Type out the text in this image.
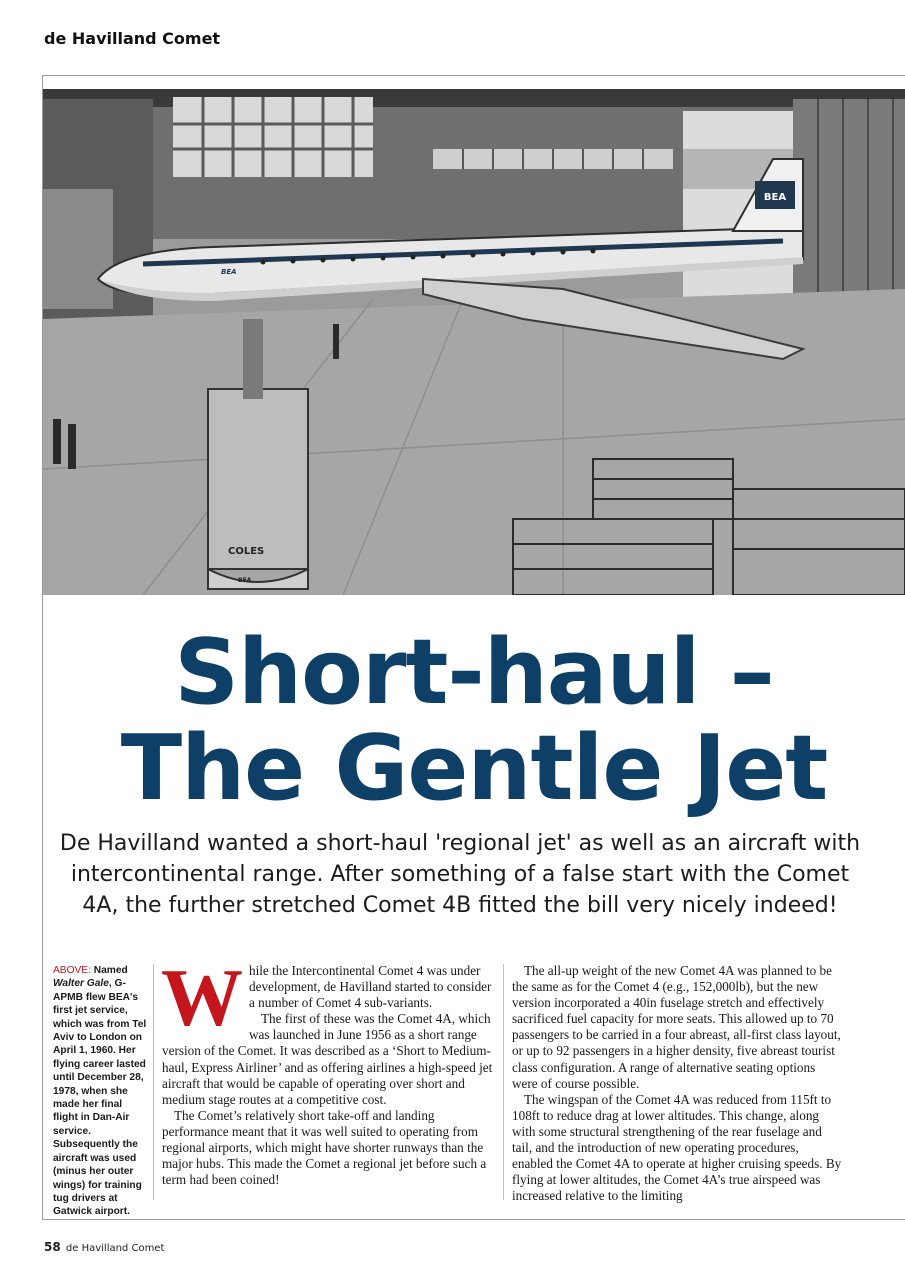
de Havilland Comet
BEA
BEA
COLES
BEA
Short-haul –
The Gentle Jet
De Havilland wanted a short-haul 'regional jet' as well as an aircraft with intercontinental range. After something of a false start with the Comet 4A, the further stretched Comet 4B fitted the bill very nicely indeed!
ABOVE: Named Walter Gale, G-APMB flew BEA's first jet service, which was from Tel Aviv to London on April 1, 1960. Her flying career lasted until December 28, 1978, when she made her final flight in Dan-Air service. Subsequently the aircraft was used (minus her outer wings) for training tug drivers at Gatwick airport.

While the Intercontinental Comet 4 was under development, de Havilland started to consider a number of Comet 4 sub-variants.

The first of these was the Comet 4A, which was launched in June 1956 as a short range version of the Comet. It was described as a ‘Short to Medium-haul, Express Airliner’ and as offering airlines a high-speed jet aircraft that would be capable of operating over short and medium stage routes at a competitive cost.

The Comet’s relatively short take-off and landing performance meant that it was well suited to operating from regional airports, which might have shorter runways than the major hubs. This made the Comet a regional jet before such a term had been coined!

The all-up weight of the new Comet 4A was planned to be the same as for the Comet 4 (e.g., 152,000lb), but the new version incorporated a 40in fuselage stretch and effectively sacrificed fuel capacity for more seats. This allowed up to 70 passengers to be carried in a four abreast, all-first class layout, or up to 92 passengers in a higher density, five abreast tourist class configuration. A range of alternative seating options were of course possible.

The wingspan of the Comet 4A was reduced from 115ft to 108ft to reduce drag at lower altitudes. This change, along with some structural strengthening of the rear fuselage and tail, and the introduction of new operating procedures, enabled the Comet 4A to operate at higher cruising speeds. By flying at lower altitudes, the Comet 4A’s true airspeed was increased relative to the limiting

58 de Havilland Comet
